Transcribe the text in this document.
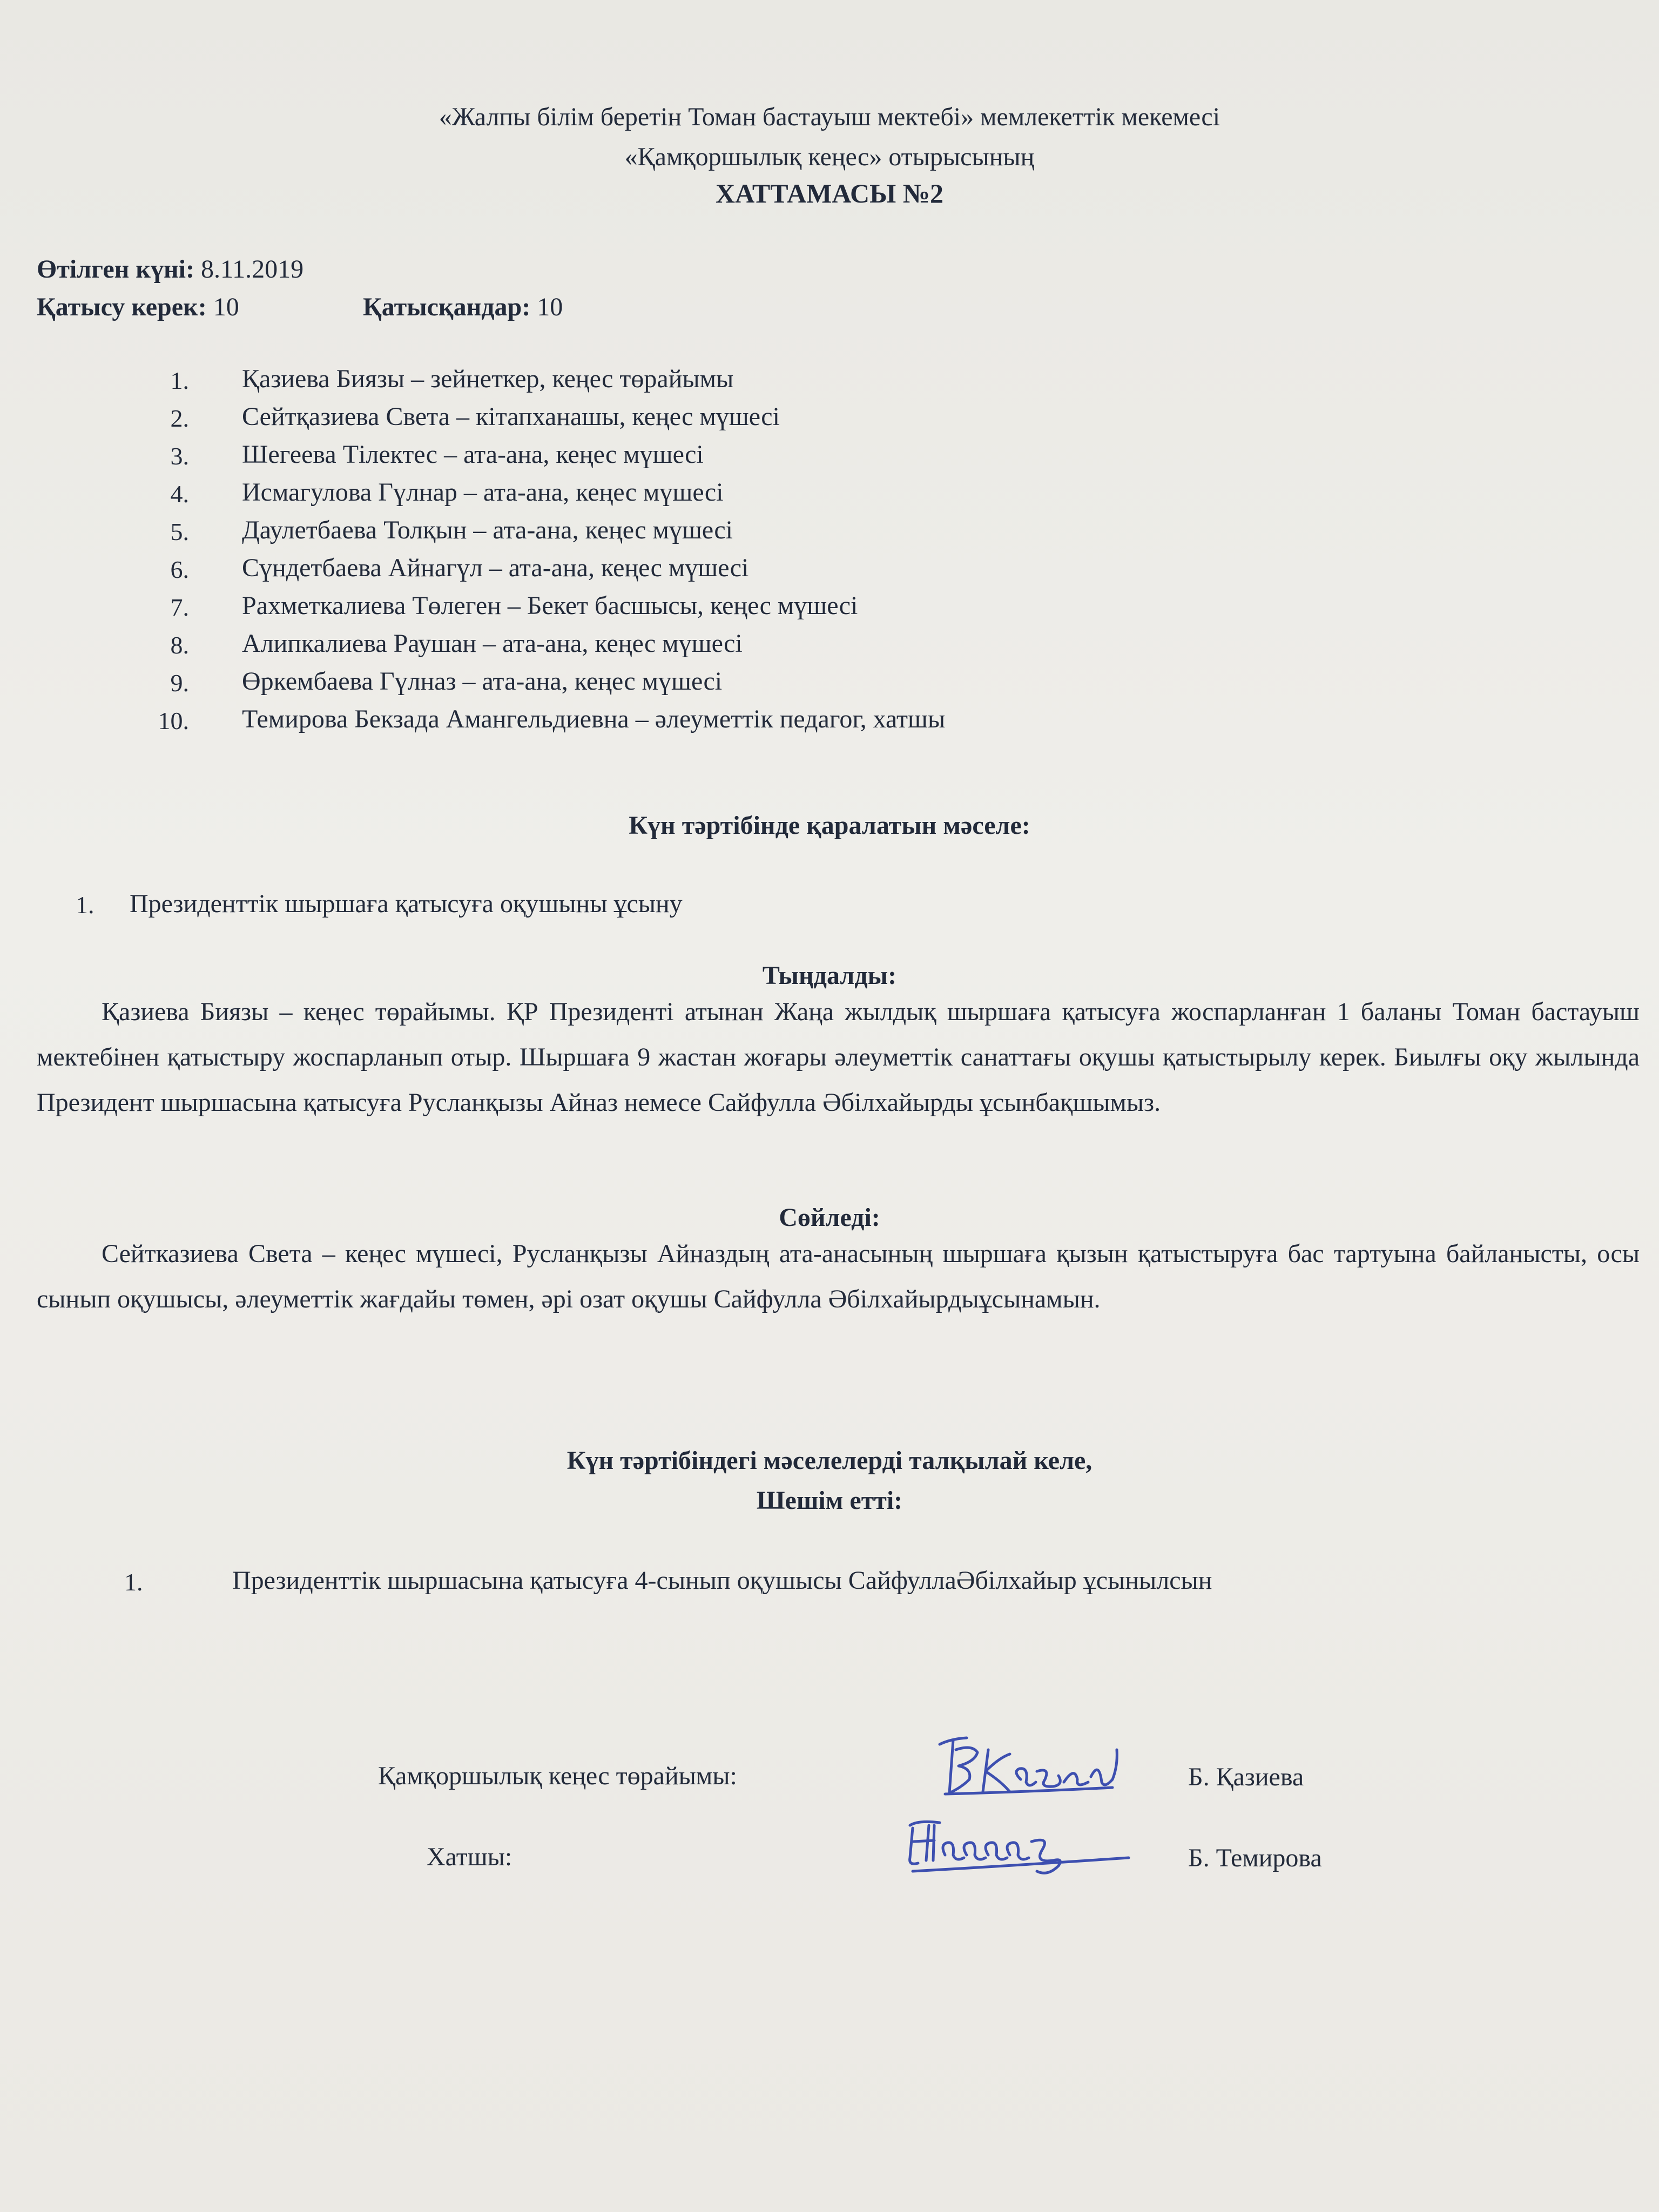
«Жалпы білім беретін Томан бастауыш мектебі» мемлекеттік мекемесі
«Қамқоршылық кеңес» отырысының
ХАТТАМАСЫ №2
Өтілген күні: 8.11.2019
Қатысу керек: 10	Қатысқандар: 10
1. Қазиева Биязы – зейнеткер, кеңес төрайымы
2. Сейтқазиева Света – кітапханашы, кеңес мүшесі
3. Шегеева Тілектес – ата-ана, кеңес мүшесі
4. Исмагулова Гүлнар – ата-ана, кеңес мүшесі
5. Даулетбаева Толқын – ата-ана, кеңес мүшесі
6. Сүндетбаева Айнагүл – ата-ана, кеңес мүшесі
7. Рахметкалиева Төлеген – Бекет басшысы, кеңес мүшесі
8. Алипкалиева Раушан – ата-ана, кеңес мүшесі
9. Өркембаева Гүлназ – ата-ана, кеңес мүшесі
10. Темирова Бекзада Амангельдиевна – әлеуметтік педагог, хатшы
Күн тәртібінде қаралатын мәселе:
1. Президенттік шыршаға қатысуға оқушыны ұсыну
Тыңдалды:
Қазиева Биязы – кеңес төрайымы. ҚР Президенті атынан Жаңа жылдық шыршаға қатысуға жоспарланған 1 баланы Томан бастауыш мектебінен қатыстыру жоспарланып отыр. Шыршаға 9 жастан жоғары әлеуметтік санаттағы оқушы қатыстырылу керек. Биылғы оқу жылында Президент шыршасына қатысуға Русланқызы Айназ немесе Сайфулла Әбілхайырды ұсынбақшымыз.
Сөйледі:
Сейтказиева Света – кеңес мүшесі, Русланқызы Айназдың ата-анасының шыршаға қызын қатыстыруға бас тартуына байланысты, осы сынып оқушысы, әлеуметтік жағдайы төмен, әрі озат оқушы Сайфулла Әбілхайырдыұсынамын.
Күн тәртібіндегі мәселелерді талқылай келе,
Шешім етті:
1.	Президенттік шыршасына қатысуға 4-сынып оқушысы СайфуллаӘбілхайыр ұсынылсын
Қамқоршылық кеңес төрайымы:	Б. Қазиева
Хатшы:	Б. Темирова
